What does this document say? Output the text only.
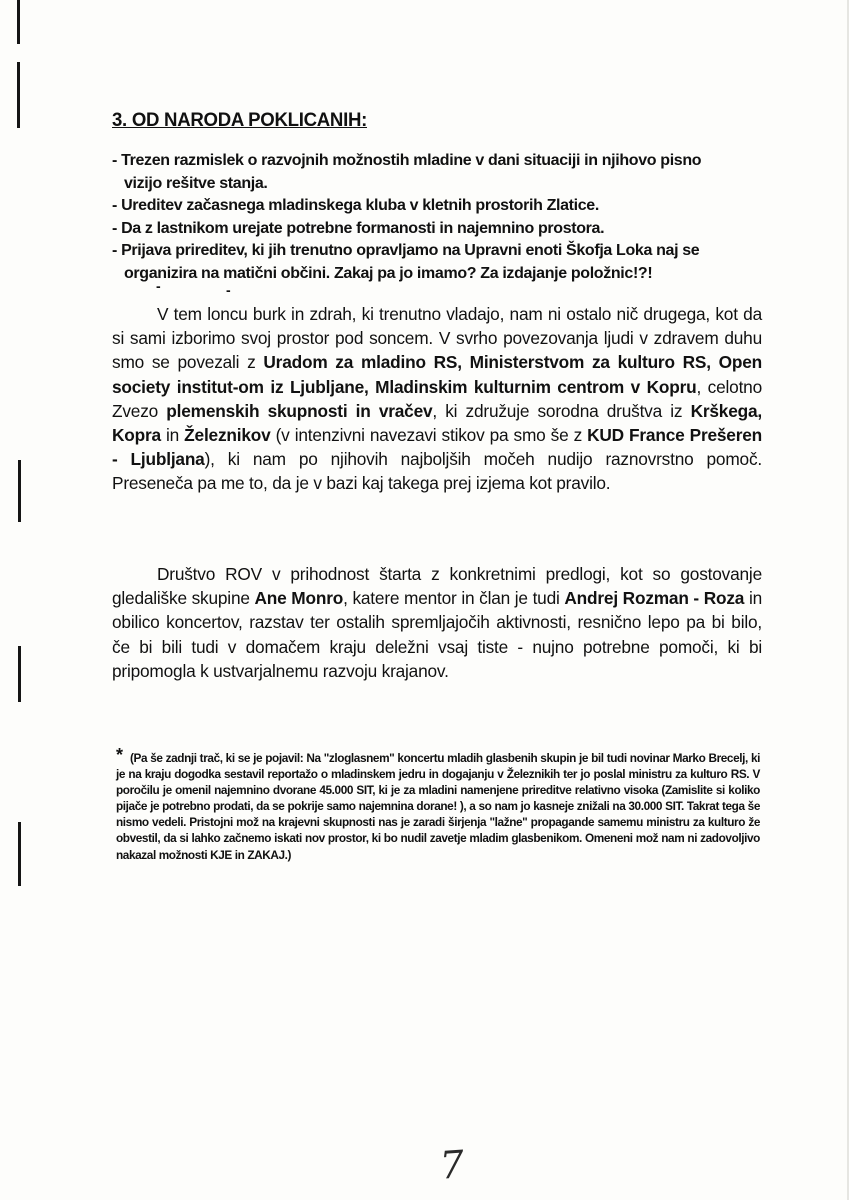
3. OD NARODA POKLICANIH:

- Trezen razmislek o razvojnih možnostih mladine v dani situaciji in njihovo pisnovizijo rešitve stanja.

- Ureditev začasnega mladinskega kluba v kletnih prostorih Zlatice.

- Da z lastnikom urejate potrebne formanosti in najemnino prostora.

- Prijava prireditev, ki jih trenutno opravljamo na Upravni enoti Škofja Loka naj se organizira na matični občini. Zakaj pa jo imamo? Za izdajanje položnic!?!

-	-
V tem loncu burk in zdrah, ki trenutno vladajo, nam ni ostalo nič drugega, kot da si sami izborimo svoj prostor pod soncem. V svrho povezovanja ljudi v zdravem duhu smo se povezali z Uradom za mladino RS, Ministerstvom za kulturo RS, Open society institut-om iz Ljubljane, Mladinskim kulturnim centrom v Kopru, celotno Zvezo plemenskih skupnosti in vračev, ki združuje sorodna društva iz Krškega, Kopra in Železnikov (v intenzivni navezavi stikov pa smo še z KUD France Prešeren - Ljubljana), ki nam po njihovih najboljših močeh nudijo raznovrstno pomoč. Preseneča pa me to, da je v bazi kaj takega prej izjema kot pravilo.
Društvo ROV v prihodnost štarta z konkretnimi predlogi, kot so gostovanje gledališke skupine Ane Monro, katere mentor in član je tudi Andrej Rozman - Roza in obilico koncertov, razstav ter ostalih spremljajočih aktivnosti, resnično lepo pa bi bilo, če bi bili tudi v domačem kraju deležni vsaj tiste - nujno potrebne pomoči, ki bi pripomogla k ustvarjalnemu razvoju krajanov.
* (Pa še zadnji trač, ki se je pojavil: Na "zloglasnem" koncertu mladih glasbenih skupin je bil tudi novinar Marko Brecelj, ki je na kraju dogodka sestavil reportažo o mladinskem jedru in dogajanju v Železnikih ter jo poslal ministru za kulturo RS. V poročilu je omenil najemnino dvorane 45.000 SIT, ki je za mladini namenjene prireditve relativno visoka (Zamislite si koliko pijače je potrebno prodati, da se pokrije samo najemnina dorane! ), a so nam jo kasneje znižali na 30.000 SIT. Takrat tega še nismo vedeli. Pristojni mož na krajevni skupnosti nas je zaradi širjenja "lažne" propagande samemu ministru za kulturo že obvestil, da si lahko začnemo iskati nov prostor, ki bo nudil zavetje mladim glasbenikom. Omeneni mož nam ni zadovoljivo nakazal možnosti KJE in ZAKAJ.)
7
